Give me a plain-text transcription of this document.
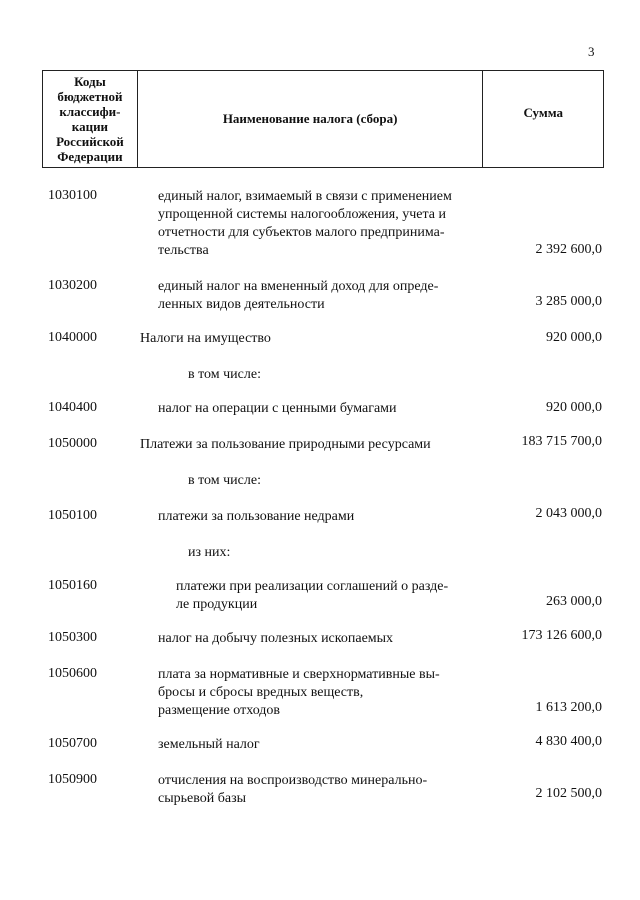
3
Коды
бюджетной
классифи-
кации
Российской
Федерации
	Наименование налога (сбора)	Сумма
1030100	единый налог, взимаемый в связи с применением
упрощенной системы налогообложения, учета и
отчетности для субъектов малого предпринима-
тельства	2 392 600,0
1030200	единый налог на вмененный доход для опреде-
ленных видов деятельности	3 285 000,0
1040000	Налоги на имущество	920 000,0
в том числе:
1040400	налог на операции с ценными бумагами	920 000,0
1050000	Платежи за пользование природными ресурсами	183 715 700,0
в том числе:
1050100	платежи за пользование недрами	2 043 000,0
из них:
1050160	платежи при реализации соглашений о разде-
ле продукции	263 000,0
1050300	налог на добычу полезных ископаемых	173 126 600,0
1050600	плата за нормативные и сверхнормативные вы-
бросы и сбросы вредных веществ,
размещение отходов	1 613 200,0
1050700	земельный налог	4 830 400,0
1050900	отчисления на воспроизводство минерально-
сырьевой базы	2 102 500,0
